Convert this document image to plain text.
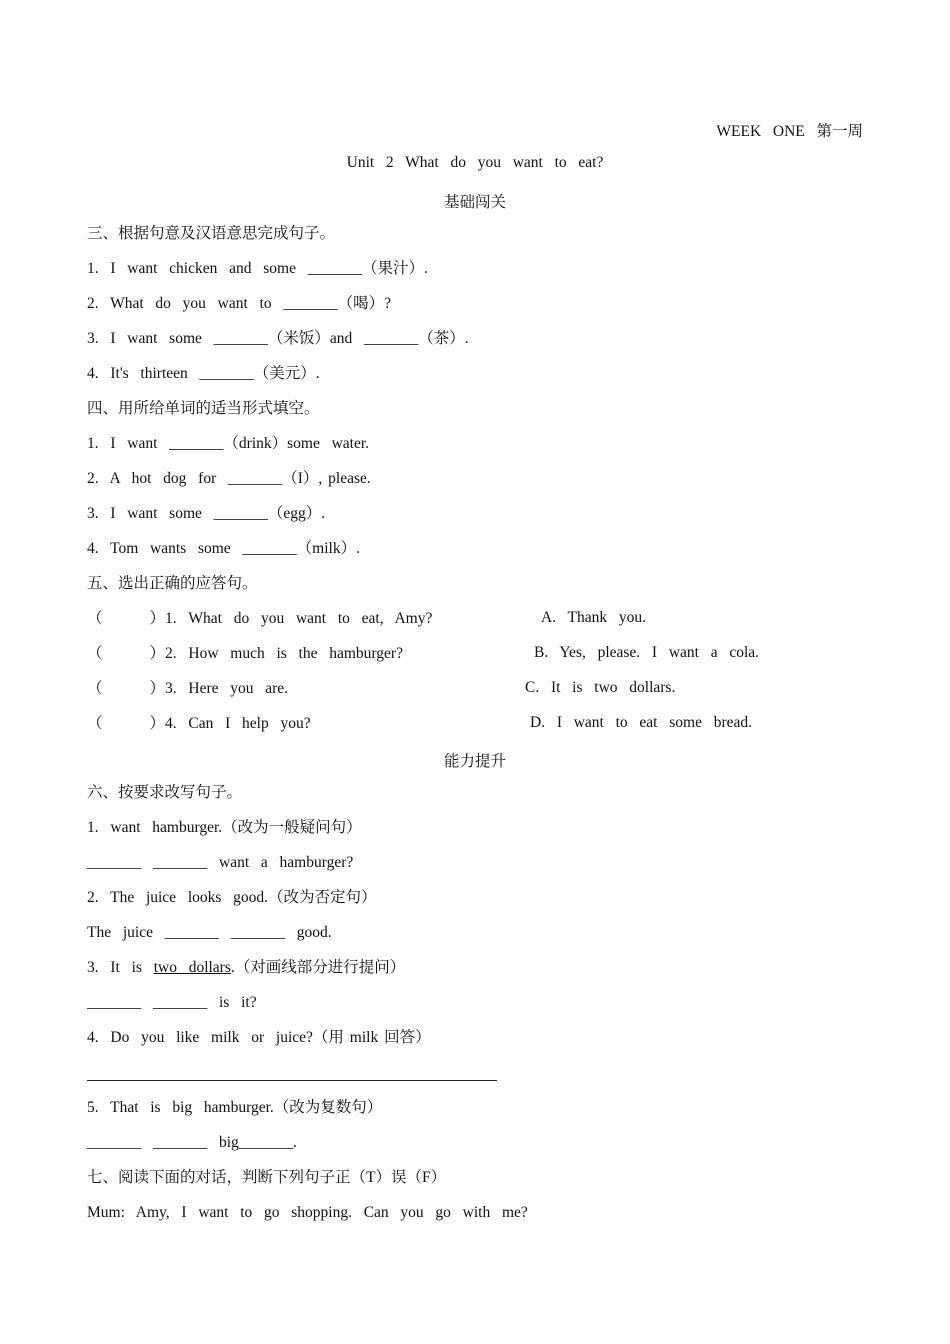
WEEK  ONE  第一周
Unit  2  What  do  you  want  to  eat?
基础闯关
三、根据句意及汉语意思完成句子。
1.  I  want  chicken  and  some  _______（果汁）.
2.  What  do  you  want  to  _______（喝）?
3.  I  want  some  _______（米饭）and  _______（茶）.
4.  It's  thirteen  _______（美元）.
四、用所给单词的适当形式填空。
1.  I  want  _______（drink）some  water.
2.  A  hot  dog  for  _______（I）, please.
3.  I  want  some  _______（egg）.
4.  Tom  wants  some  _______（milk）.
五、选出正确的应答句。
（        ）1.  What  do  you  want  to  eat,  Amy?	A.  Thank  you.
（        ）2.  How  much  is  the  hamburger?	B.  Yes,  please.  I  want  a  cola.
（        ）3.  Here  you  are.	C.  It  is  two  dollars.
（        ）4.  Can  I  help  you?	D.  I  want  to  eat  some  bread.
能力提升
六、按要求改写句子。
1.  want  hamburger.（改为一般疑问句）
_______  _______  want  a  hamburger?
2.  The  juice  looks  good.（改为否定句）
The  juice  _______  _______  good.
3.  It  is  two  dollars.（对画线部分进行提问）
_______  _______  is  it?
4.  Do  you  like  milk  or  juice?（用 milk 回答）
5.  That  is  big  hamburger.（改为复数句）
_______  _______  big_______.
七、阅读下面的对话，判断下列句子正（T）误（F）
Mum:  Amy,  I  want  to  go  shopping.  Can  you  go  with  me?
